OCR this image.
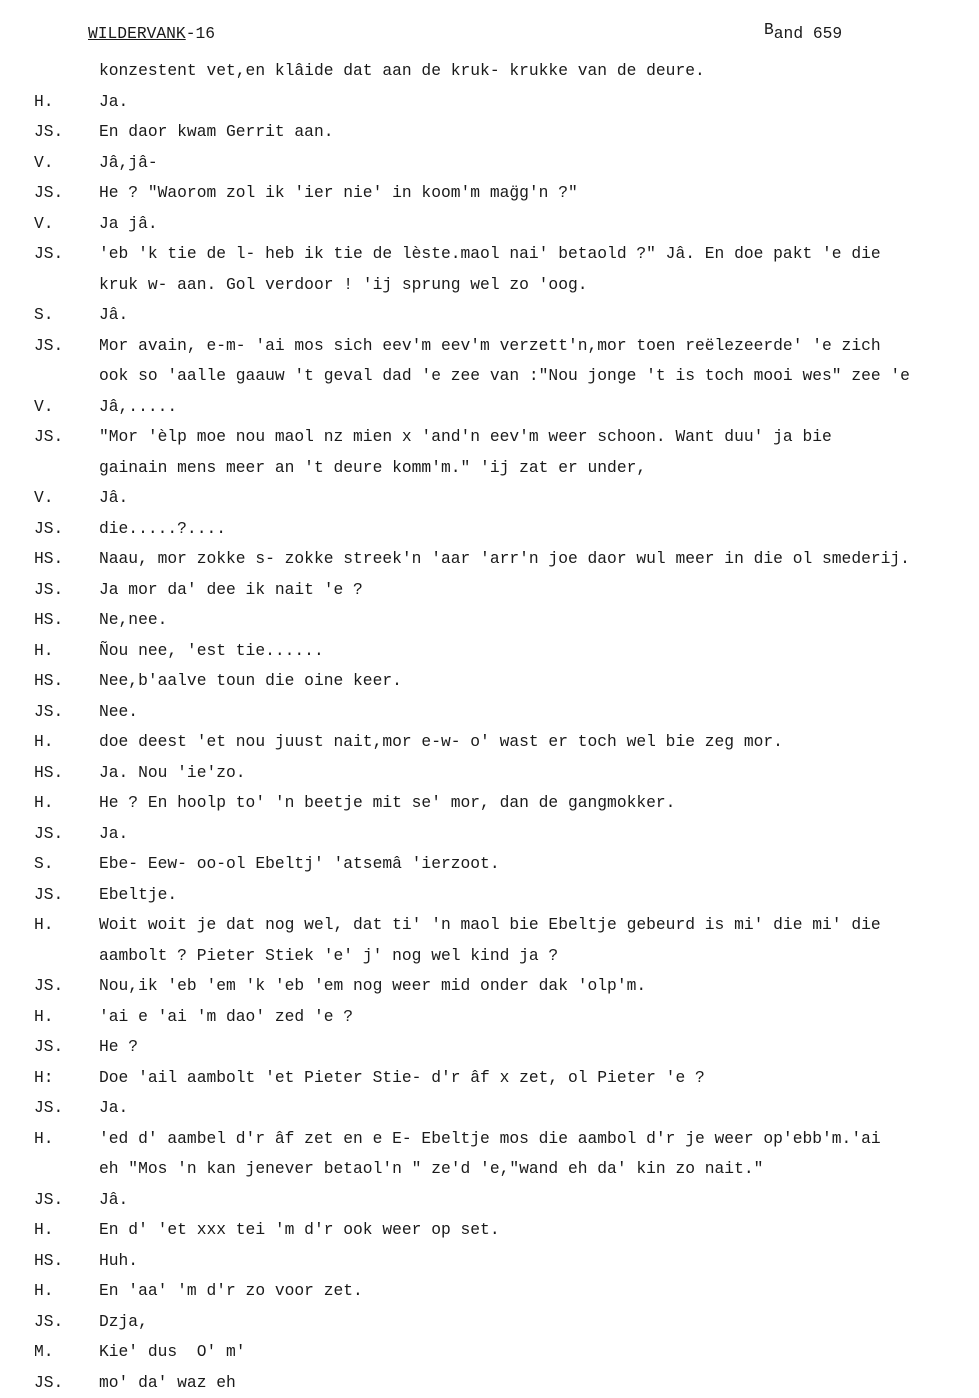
WILDERVANK-16	Band 659
konzestent vet,en klâide dat aan de kruk- krukke van de deure.
H.	Ja.
JS. En daor kwam Gerrit aan.
V.	Jâ,jâ-
JS. He ? "Waorom zol ik 'ier nie' in koom'm mag̈g'n ?"
V.	Ja jâ.
JS. 'eb 'k tie de l- heb ik tie de lèste.maol nai' betaold ?" Jâ. En doe pakt 'e die
kruk w- aan. Gol verdoor ! 'ij sprung wel zo 'oog.
S.	Jâ.
JS. Mor avain, e-m- 'ai mos sich eev'm eev'm verzett'n,mor toen reëlezeerde' 'e zich
ook so 'aalle gaauw 't geval dad 'e zee van :"Nou jonge 't is toch mooi wes" zee 'e
V.	Jâ,.....
JS. "Mor 'èlp moe nou maol nz mien x 'and'n eev'm weer schoon. Want duu' ja bie
gainain mens meer an 't deure komm'm." 'ij zat er under,
V.	Jâ.
JS. die.....?....
HS. Naau, mor zokke s- zokke streek'n 'aar 'arr'n joe daor wul meer in die ol smederij.
JS. Ja mor da' dee ik nait 'e ?
HS. Ne,nee.
H.	Ñou nee, 'est tie......
HS. Nee,b'aalve toun die oine keer.
JS. Nee.
H.	doe deest 'et nou juust nait,mor e-w- o' wast er toch wel bie zeg mor.
HS. Ja. Nou 'ie'zo.
H.	He ? En hoolp to' 'n beetje mit se' mor, dan de gangmokker.
JS. Ja.
S.	Ebe- Eew- oo-ol Ebeltj' 'atsemâ 'ierzoot.
JS. Ebeltje.
H.	Woit woit je dat nog wel, dat ti' 'n maol bie Ebeltje gebeurd is mi' die mi' die
aambolt ? Pieter Stiek 'e' j' nog wel kind ja ?
JS. Nou,ik 'eb 'em 'k 'eb 'em nog weer mid onder dak 'olp'm.
H.	'ai e 'ai 'm dao' zed 'e ?
JS. He ?
H:	Doe 'ail aambolt 'et Pieter Stie- d'r âf x zet, ol Pieter 'e ?
JS. Ja.
H.	'ed d' aambel d'r âf zet en e E- Ebeltje mos die aambol d'r je weer op'ebb'm.'ai
eh "Mos 'n kan jenever betaol'n " ze'd 'e,"wand eh da' kin zo nait."
JS. Jâ.
H.	En d' 'et xxx tei 'm d'r ook weer op set.
HS. Huh.
H.	En 'aa' 'm d'r zo voor zet.
JS. Dzja,
M.	Kie' dus  O' m'
JS. mo' da' waz eh
